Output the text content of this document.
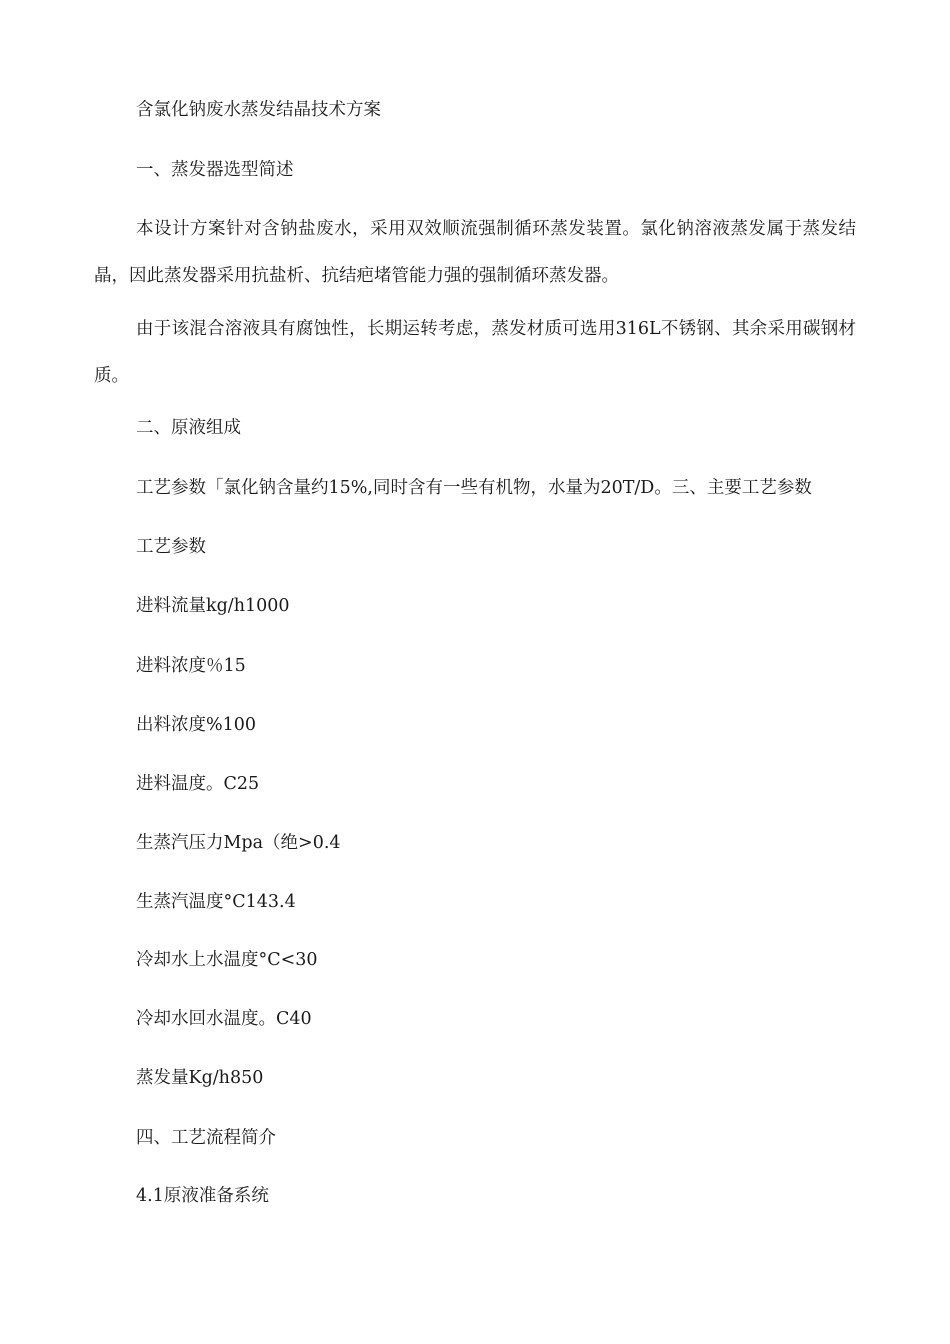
含氯化钠废水蒸发结晶技术方案
一、蒸发器选型简述
本设计方案针对含钠盐废水，采用双效顺流强制循环蒸发装置。氯化钠溶液蒸发属于蒸发结晶，因此蒸发器采用抗盐析、抗结疤堵管能力强的强制循环蒸发器。
由于该混合溶液具有腐蚀性，长期运转考虑，蒸发材质可选用316L不锈钢、其余采用碳钢材质。
二、原液组成
工艺参数「氯化钠含量约15%,同时含有一些有机物，水量为20T/D。三、主要工艺参数
工艺参数
进料流量kg/h1000
进料浓度％15
出料浓度%100
进料温度。C25
生蒸汽压力Mpa（绝>0.4
生蒸汽温度°C143.4
冷却水上水温度°C<30
冷却水回水温度。C40
蒸发量Kg/h850
四、工艺流程简介
4.1原液准备系统
